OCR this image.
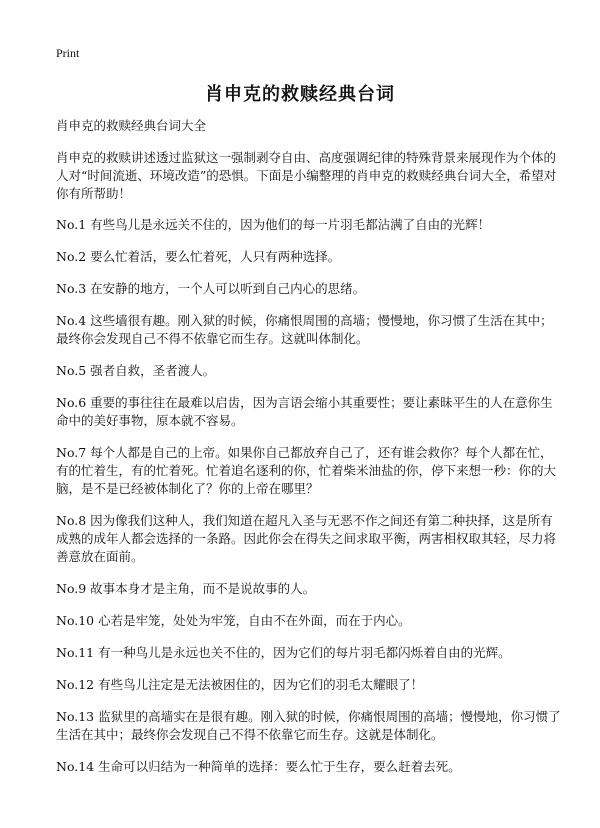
Print
肖申克的救赎经典台词

肖申克的救赎经典台词大全

肖申克的救赎讲述透过监狱这一强制剥夺自由、高度强调纪律的特殊背景来展现作为个体的人对“时间流逝、环境改造”的恐惧。下面是小编整理的肖申克的救赎经典台词大全，希望对你有所帮助！

No.1 有些鸟儿是永远关不住的，因为他们的每一片羽毛都沾满了自由的光辉！

No.2 要么忙着活，要么忙着死，人只有两种选择。

No.3 在安静的地方，一个人可以听到自己内心的思绪。

No.4 这些墙很有趣。刚入狱的时候，你痛恨周围的高墙；慢慢地，你习惯了生活在其中；最终你会发现自己不得不依靠它而生存。这就叫体制化。

No.5 强者自救，圣者渡人。

No.6 重要的事往往在最难以启齿，因为言语会缩小其重要性；要让素昧平生的人在意你生命中的美好事物，原本就不容易。

No.7 每个人都是自己的上帝。如果你自己都放弃自己了，还有谁会救你？每个人都在忙，有的忙着生，有的忙着死。忙着追名逐利的你，忙着柴米油盐的你，停下来想一秒：你的大脑，是不是已经被体制化了？你的上帝在哪里？

No.8 因为像我们这种人，我们知道在超凡入圣与无恶不作之间还有第二种抉择，这是所有成熟的成年人都会选择的一条路。因此你会在得失之间求取平衡，两害相权取其轻，尽力将善意放在面前。

No.9 故事本身才是主角，而不是说故事的人。

No.10 心若是牢笼，处处为牢笼，自由不在外面，而在于内心。

No.11 有一种鸟儿是永远也关不住的，因为它们的每片羽毛都闪烁着自由的光辉。

No.12 有些鸟儿注定是无法被困住的，因为它们的羽毛太耀眼了！

No.13 监狱里的高墙实在是很有趣。刚入狱的时候，你痛恨周围的高墙；慢慢地，你习惯了生活在其中；最终你会发现自己不得不依靠它而生存。这就是体制化。

No.14 生命可以归结为一种简单的选择：要么忙于生存，要么赶着去死。
